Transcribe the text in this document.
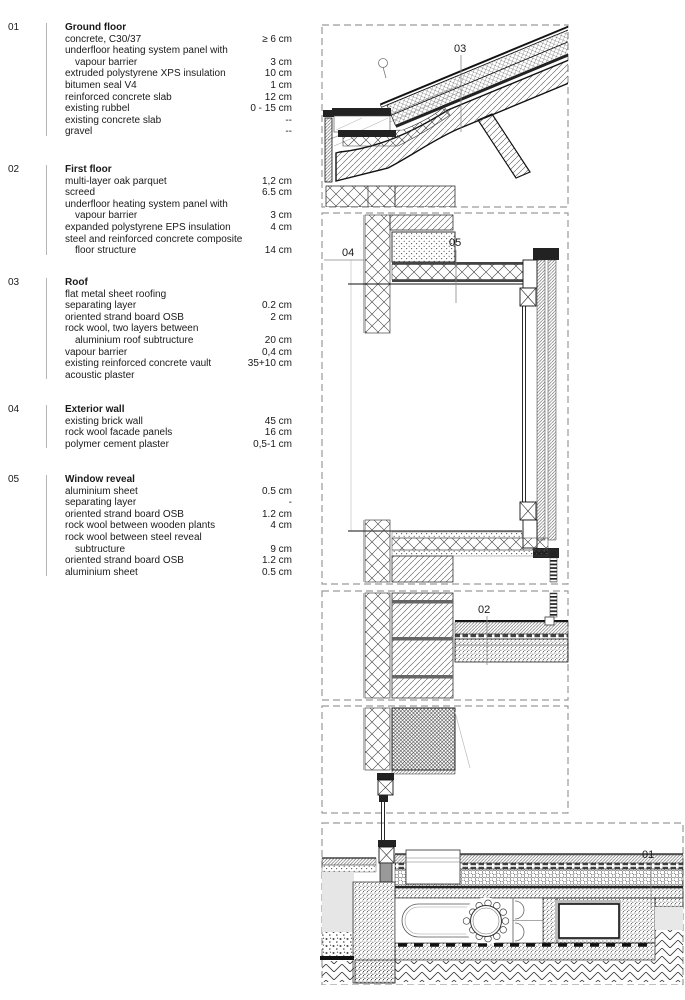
01	Ground floor
concrete, C30/37	≥ 6 cm
underfloor heating system panel with
vapour barrier	3 cm
extruded polystyrene XPS insulation	10 cm
bitumen seal V4	1 cm
reinforced concrete slab	12 cm
existing rubbel	0 - 15 cm
existing concrete slab	--
gravel	--
02	First floor
multi-layer oak parquet	1,2 cm
screed	6.5 cm
underfloor heating system panel with
vapour barrier	3 cm
expanded polystyrene EPS insulation	4 cm
steel and reinforced concrete composite
floor structure	14 cm
03	Roof
flat metal sheet roofing
separating layer	0.2 cm
oriented strand board OSB	2 cm
rock wool, two layers between
aluminium roof subtructure	20 cm
vapour barrier	0,4 cm
existing reinforced concrete vault	35+10 cm
acoustic plaster
04	Exterior wall
existing brick wall	45 cm
rock wool facade panels	16 cm
polymer cement plaster	0,5-1 cm
05	Window reveal
aluminium sheet	0.5 cm
separating layer	-
oriented strand board OSB	1.2 cm
rock wool between wooden plants	4 cm
rock wool between steel reveal
subtructure	9 cm
oriented strand board OSB	1.2 cm
aluminium sheet	0.5 cm
03
04
05
02
01
